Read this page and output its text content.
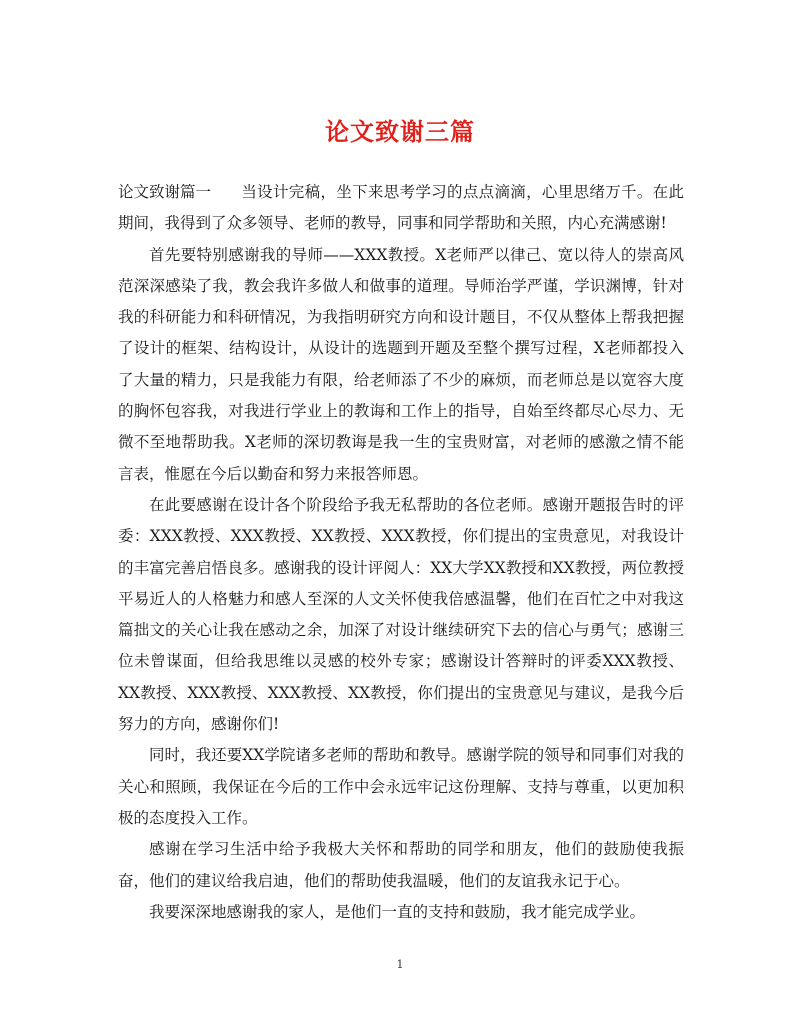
论文致谢三篇

论文致谢篇一 当设计完稿，坐下来思考学习的点点滴滴，心里思绪万千。在此期间，我得到了众多领导、老师的教导，同事和同学帮助和关照，内心充满感谢!

首先要特别感谢我的导师——XXX教授。X老师严以律己、宽以待人的崇高风范深深感染了我，教会我许多做人和做事的道理。导师治学严谨，学识渊博，针对我的科研能力和科研情况，为我指明研究方向和设计题目，不仅从整体上帮我把握了设计的框架、结构设计，从设计的选题到开题及至整个撰写过程，X老师都投入了大量的精力，只是我能力有限，给老师添了不少的麻烦，而老师总是以宽容大度的胸怀包容我，对我进行学业上的教诲和工作上的指导，自始至终都尽心尽力、无微不至地帮助我。X老师的深切教诲是我一生的宝贵财富，对老师的感激之情不能言表，惟愿在今后以勤奋和努力来报答师恩。

在此要感谢在设计各个阶段给予我无私帮助的各位老师。感谢开题报告时的评委：XXX教授、XXX教授、XX教授、XXX教授，你们提出的宝贵意见，对我设计的丰富完善启悟良多。感谢我的设计评阅人：XX大学XX教授和XX教授，两位教授平易近人的人格魅力和感人至深的人文关怀使我倍感温馨，他们在百忙之中对我这篇拙文的关心让我在感动之余，加深了对设计继续研究下去的信心与勇气；感谢三位未曾谋面，但给我思维以灵感的校外专家；感谢设计答辩时的评委XXX教授、XX教授、XXX教授、XXX教授、XX教授，你们提出的宝贵意见与建议，是我今后努力的方向，感谢你们!

同时，我还要XX学院诸多老师的帮助和教导。感谢学院的领导和同事们对我的关心和照顾，我保证在今后的工作中会永远牢记这份理解、支持与尊重，以更加积极的态度投入工作。

感谢在学习生活中给予我极大关怀和帮助的同学和朋友，他们的鼓励使我振奋，他们的建议给我启迪，他们的帮助使我温暖，他们的友谊我永记于心。

我要深深地感谢我的家人，是他们一直的支持和鼓励，我才能完成学业。

1
